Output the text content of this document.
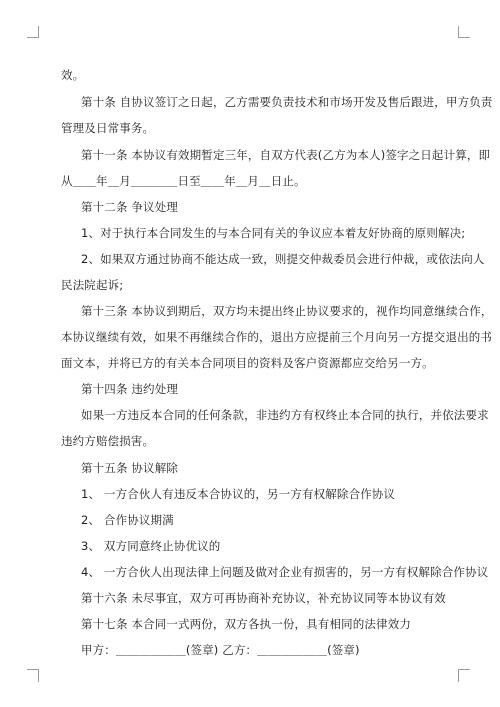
效。
第十条 自协议签订之日起，乙方需要负责技术和市场开发及售后跟进，甲方负责
管理及日常事务。
第十一条 本协议有效期暂定三年，自双方代表(乙方为本人)签字之日起计算，即
从＿＿年＿月＿＿＿＿日至＿＿年＿月＿日止。
第十二条 争议处理
1、对于执行本合同发生的与本合同有关的争议应本着友好协商的原则解决;
2、如果双方通过协商不能达成一致，则提交仲裁委员会进行仲裁，或依法向人
民法院起诉;
第十三条 本协议到期后，双方均未提出终止协议要求的，视作均同意继续合作，
本协议继续有效，如果不再继续合作的，退出方应提前三个月向另一方提交退出的书
面文本，并将已方的有关本合同项目的资料及客户资源都应交给另一方。
第十四条 违约处理
如果一方违反本合同的任何条款，非违约方有权终止本合同的执行，并依法要求
违约方赔偿损害。
第十五条 协议解除
1、 一方合伙人有违反本合协议的，另一方有权解除合作协议
2、 合作协议期满
3、 双方同意终止协优议的
4、 一方合伙人出现法律上问题及做对企业有损害的，另一方有权解除合作协议
第十六条 未尽事宜，双方可再协商补充协议，补充协议同等本协议有效
第十七条 本合同一式两份，双方各执一份，具有相同的法律效力
甲方：＿＿＿＿＿＿(签章) 乙方：＿＿＿＿＿＿(签章)
